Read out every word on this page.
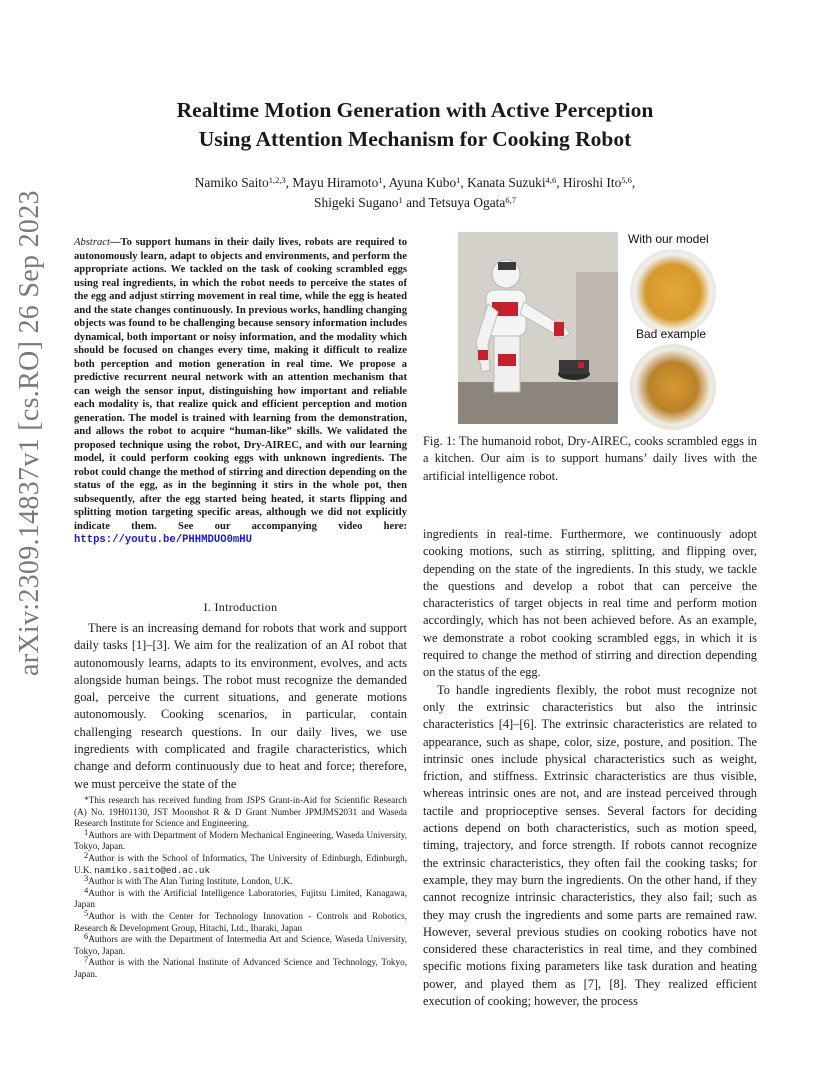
arXiv:2309.14837v1 [cs.RO] 26 Sep 2023
Realtime Motion Generation with Active Perception
Using Attention Mechanism for Cooking Robot
Namiko Saito$^{1,2,3}$, Mayu Hiramoto$^1$, Ayuna Kubo$^1$, Kanata Suzuki$^{4,6}$, Hiroshi Ito$^{5,6}$,
Shigeki Sugano$^1$ and Tetsuya Ogata$^{6,7}$
Abstract—To support humans in their daily lives, robots are required to autonomously learn, adapt to objects and environments, and perform the appropriate actions. We tackled on the task of cooking scrambled eggs using real ingredients, in which the robot needs to perceive the states of the egg and adjust stirring movement in real time, while the egg is heated and the state changes continuously. In previous works, handling changing objects was found to be challenging because sensory information includes dynamical, both important or noisy information, and the modality which should be focused on changes every time, making it difficult to realize both perception and motion generation in real time. We propose a predictive recurrent neural network with an attention mechanism that can weigh the sensor input, distinguishing how important and reliable each modality is, that realize quick and efficient perception and motion generation. The model is trained with learning from the demonstration, and allows the robot to acquire “human-like” skills. We validated the proposed technique using the robot, Dry-AIREC, and with our learning model, it could perform cooking eggs with unknown ingredients. The robot could change the method of stirring and direction depending on the status of the egg, as in the beginning it stirs in the whole pot, then subsequently, after the egg started being heated, it starts flipping and splitting motion targeting specific areas, although we did not explicitly indicate them. See our accompanying video here: https://youtu.be/PHHMDUO0mHU
I. Introduction

There is an increasing demand for robots that work and support daily tasks [1]–[3]. We aim for the realization of an AI robot that autonomously learns, adapts to its environment, evolves, and acts alongside human beings. The robot must recognize the demanded goal, perceive the current situations, and generate motions autonomously. Cooking scenarios, in particular, contain challenging research questions. In our daily lives, we use ingredients with complicated and fragile characteristics, which change and deform continuously due to heat and force; therefore, we must perceive the state of the

*This research has received funding from JSPS Grant-in-Aid for Scientific Research (A) No. 19H01130, JST Moonshot R & D Grant Number JPMJMS2031 and Waseda Research Institute for Science and Engineering.

$^1$Authors are with Department of Modern Mechanical Engineering, Waseda University, Tokyo, Japan.

$^2$Author is with the School of Informatics, The University of Edinburgh, Edinburgh, U.K. namiko.saito@ed.ac.uk

$^3$Author is with The Alan Turing Institute, London, U.K.

$^4$Author is with the Artificial Intelligence Laboratories, Fujitsu Limited, Kanagawa, Japan

$^5$Author is with the Center for Technology Innovation - Controls and Robotics, Research & Development Group, Hitachi, Ltd., Ibaraki, Japan

$^6$Authors are with the Department of Intermedia Art and Science, Waseda University, Tokyo, Japan.

$^7$Author is with the National Institute of Advanced Science and Technology, Tokyo, Japan.

With our model
Bad example
Fig. 1: The humanoid robot, Dry-AIREC, cooks scrambled eggs in a kitchen. Our aim is to support humans’ daily lives with the artificial intelligence robot.

ingredients in real-time. Furthermore, we continuously adopt cooking motions, such as stirring, splitting, and flipping over, depending on the state of the ingredients. In this study, we tackle the questions and develop a robot that can perceive the characteristics of target objects in real time and perform motion accordingly, which has not been achieved before. As an example, we demonstrate a robot cooking scrambled eggs, in which it is required to change the method of stirring and direction depending on the status of the egg.

To handle ingredients flexibly, the robot must recognize not only the extrinsic characteristics but also the intrinsic characteristics [4]–[6]. The extrinsic characteristics are related to appearance, such as shape, color, size, posture, and position. The intrinsic ones include physical characteristics such as weight, friction, and stiffness. Extrinsic characteristics are thus visible, whereas intrinsic ones are not, and are instead perceived through tactile and proprioceptive senses. Several factors for deciding actions depend on both characteristics, such as motion speed, timing, trajectory, and force strength. If robots cannot recognize the extrinsic characteristics, they often fail the cooking tasks; for example, they may burn the ingredients. On the other hand, if they cannot recognize intrinsic characteristics, they also fail; such as they may crush the ingredients and some parts are remained raw. However, several previous studies on cooking robotics have not considered these characteristics in real time, and they combined specific motions fixing parameters like task duration and heating power, and played them as [7], [8]. They realized efficient execution of cooking; however, the process
